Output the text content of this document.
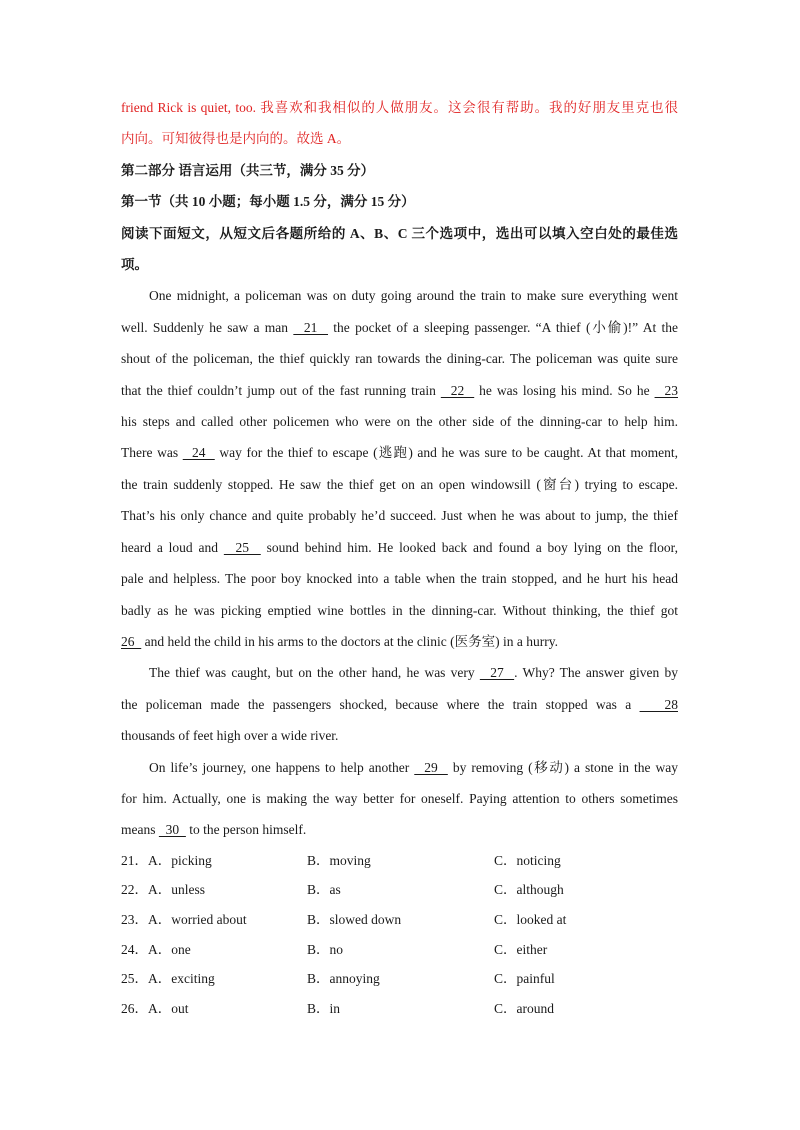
friend Rick is quiet, too. 我喜欢和我相似的人做朋友。这会很有帮助。我的好朋友里克也很
内向。可知彼得也是内向的。故选 A。
第二部分 语言运用（共三节，满分 35 分）
第一节（共 10 小题；每小题 1.5 分，满分 15 分）
阅读下面短文，从短文后各题所给的 A、B、C 三个选项中，选出可以填入空白处的最佳选
项。
One midnight, a policeman was on duty going around the train to make sure everything went
well. Suddenly he saw a man   21   the pocket of a sleeping passenger. “A thief (小偷)!” At the
shout of the policeman, the thief quickly ran towards the dining-car. The policeman was quite sure
that the thief couldn’t jump out of the fast running train   22   he was losing his mind. So he   23
his steps and called other policemen who were on the other side of the dinning-car to help him.
There was   24   way for the thief to escape (逃跑) and he was sure to be caught. At that moment,
the train suddenly stopped. He saw the thief get on an open windowsill (窗台) trying to escape.
That’s his only chance and quite probably he’d succeed. Just when he was about to jump, the thief
heard a loud and   25   sound behind him. He looked back and found a boy lying on the floor,
pale and helpless. The poor boy knocked into a table when the train stopped, and he hurt his head
badly as he was picking emptied wine bottles in the dinning-car. Without thinking, the thief got
26   and held the child in his arms to the doctors at the clinic (医务室) in a hurry.
The thief was caught, but on the other hand, he was very   27  . Why? The answer given by
the policeman made the passengers shocked, because where the train stopped was a    28
thousands of feet high over a wide river.
On life’s journey, one happens to help another   29   by removing (移动) a stone in the way
for him. Actually, one is making the way better for oneself. Paying attention to others sometimes
means   30   to the person himself.
21． A．picking	B．moving	C．noticing
22． A．unless	B．as	C．although
23． A．worried about	B．slowed down	C．looked at
24． A．one	B．no	C．either
25． A．exciting	B．annoying	C．painful
26． A．out	B．in	C．around
